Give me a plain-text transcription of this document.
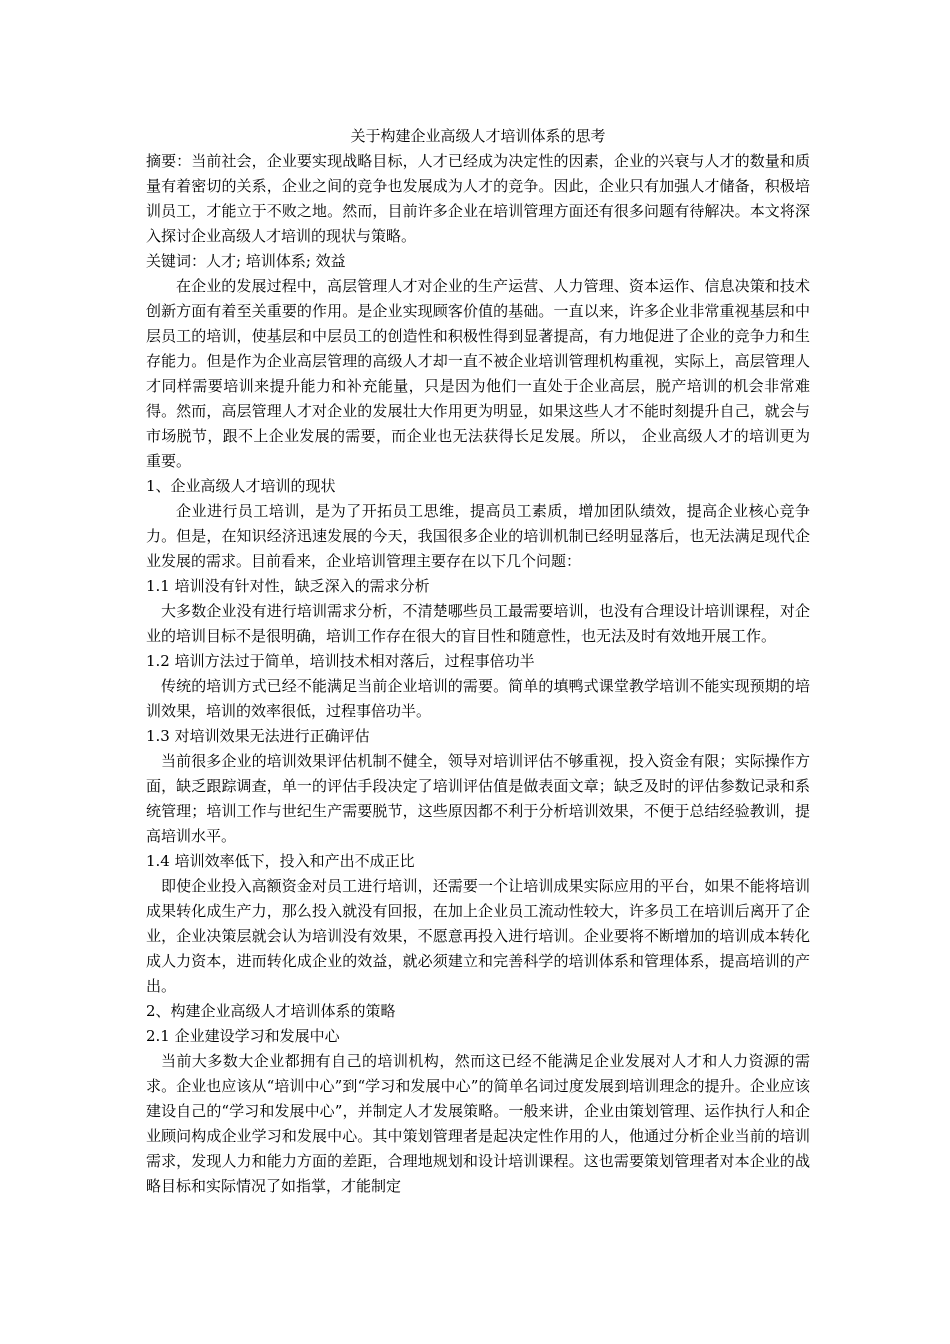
关于构建企业高级人才培训体系的思考

摘要：当前社会，企业要实现战略目标，人才已经成为决定性的因素，企业的兴衰与人才的数量和质量有着密切的关系，企业之间的竞争也发展成为人才的竞争。因此，企业只有加强人才储备，积极培训员工，才能立于不败之地。然而，目前许多企业在培训管理方面还有很多问题有待解决。本文将深入探讨企业高级人才培训的现状与策略。

关键词：人才; 培训体系; 效益

在企业的发展过程中，高层管理人才对企业的生产运营、人力管理、资本运作、信息决策和技术创新方面有着至关重要的作用。是企业实现顾客价值的基础。一直以来，许多企业非常重视基层和中层员工的培训，使基层和中层员工的创造性和积极性得到显著提高，有力地促进了企业的竞争力和生存能力。但是作为企业高层管理的高级人才却一直不被企业培训管理机构重视，实际上，高层管理人才同样需要培训来提升能力和补充能量，只是因为他们一直处于企业高层，脱产培训的机会非常难得。然而，高层管理人才对企业的发展壮大作用更为明显，如果这些人才不能时刻提升自己，就会与市场脱节，跟不上企业发展的需要，而企业也无法获得长足发展。所以， 企业高级人才的培训更为重要。

1、企业高级人才培训的现状

企业进行员工培训，是为了开拓员工思维，提高员工素质，增加团队绩效，提高企业核心竞争力。但是，在知识经济迅速发展的今天，我国很多企业的培训机制已经明显落后，也无法满足现代企业发展的需求。目前看来，企业培训管理主要存在以下几个问题：

1.1 培训没有针对性，缺乏深入的需求分析

大多数企业没有进行培训需求分析，不清楚哪些员工最需要培训，也没有合理设计培训课程，对企业的培训目标不是很明确，培训工作存在很大的盲目性和随意性，也无法及时有效地开展工作。

1.2 培训方法过于简单，培训技术相对落后，过程事倍功半

传统的培训方式已经不能满足当前企业培训的需要。简单的填鸭式课堂教学培训不能实现预期的培训效果，培训的效率很低，过程事倍功半。

1.3 对培训效果无法进行正确评估

当前很多企业的培训效果评估机制不健全，领导对培训评估不够重视，投入资金有限；实际操作方面，缺乏跟踪调查，单一的评估手段决定了培训评估值是做表面文章；缺乏及时的评估参数记录和系统管理；培训工作与世纪生产需要脱节，这些原因都不利于分析培训效果，不便于总结经验教训，提高培训水平。

1.4 培训效率低下，投入和产出不成正比

即使企业投入高额资金对员工进行培训，还需要一个让培训成果实际应用的平台，如果不能将培训成果转化成生产力，那么投入就没有回报，在加上企业员工流动性较大，许多员工在培训后离开了企业，企业决策层就会认为培训没有效果，不愿意再投入进行培训。企业要将不断增加的培训成本转化成人力资本，进而转化成企业的效益，就必须建立和完善科学的培训体系和管理体系，提高培训的产出。

2、构建企业高级人才培训体系的策略

2.1 企业建设学习和发展中心

当前大多数大企业都拥有自己的培训机构，然而这已经不能满足企业发展对人才和人力资源的需求。企业也应该从“培训中心”到“学习和发展中心”的简单名词过度发展到培训理念的提升。企业应该建设自己的“学习和发展中心”，并制定人才发展策略。一般来讲，企业由策划管理、运作执行人和企业顾问构成企业学习和发展中心。其中策划管理者是起决定性作用的人，他通过分析企业当前的培训需求，发现人力和能力方面的差距，合理地规划和设计培训课程。这也需要策划管理者对本企业的战略目标和实际情况了如指掌，才能制定
